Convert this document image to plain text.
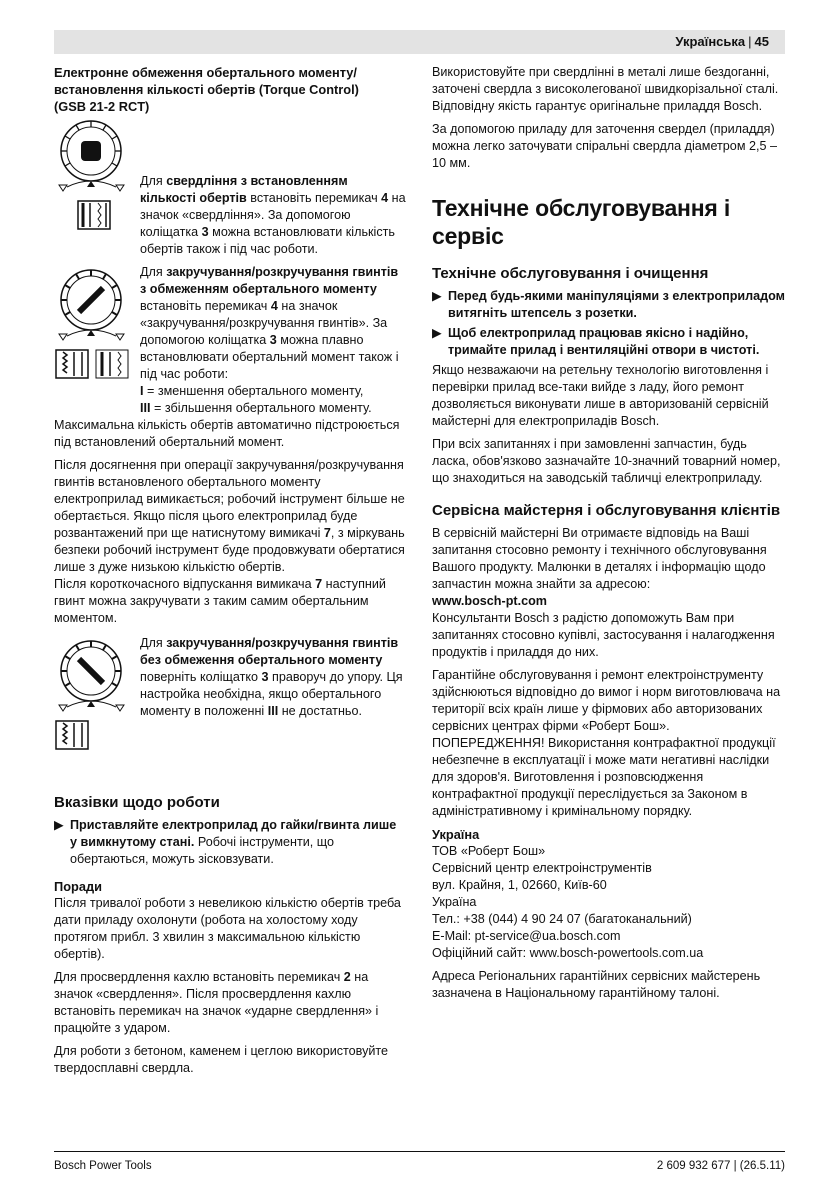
Українська | 45
Електронне обмеження обертального моменту/
встановлення кількості обертів (Torque Control)
(GSB 21-2 RCT)
Для свердління з встановленням кількості обертів встановіть перемикач 4 на значок «свердління». За допомогою коліщатка 3 можна встановлювати кількість обертів також і під час роботи.
Для закручування/розкручування гвинтів з обмеженням обертального моменту встановіть перемикач 4 на значок «закручування/розкручування гвинтів». За допомогою коліщатка 3 можна плавно встановлювати обертальний момент також і під час роботи:
I = зменшення обертального моменту,
III = збільшення обертального моменту.

Максимальна кількість обертів автоматично підстроюється під встановлений обертальний момент.

Після досягнення при операції закручування/розкручування гвинтів встановленого обертального моменту електроприлад вимикається; робочий інструмент більше не обертається. Якщо після цього електроприлад буде розвантажений при ще натиснутому вимикачі 7, з міркувань безпеки робочий інструмент буде продовжувати обертатися лише з дуже низькою кількістю обертів.

Після короткочасного відпускання вимикача 7 наступний гвинт можна закручувати з таким самим обертальним моментом.

Для закручування/розкручування гвинтів без обмеження обертального моменту поверніть коліщатко 3 праворуч до упору. Ця настройка необхідна, якщо обертального моменту в положенні III не достатньо.
Вказівки щодо роботи
▶ Приставляйте електроприлад до гайки/гвинта лише у вимкнутому стані. Робочі інструменти, що обертаються, можуть зісковзувати.
Поради

Після тривалої роботи з невеликою кількістю обертів треба дати приладу охолонути (робота на холостому ходу протягом прибл. 3 хвилин з максимальною кількістю обертів).

Для просвердлення кахлю встановіть перемикач 2 на значок «свердлення». Після просвердлення кахлю встановіть перемикач на значок «ударне свердлення» і працюйте з ударом.

Для роботи з бетоном, каменем і цеглою використовуйте твердосплавні свердла.

Використовуйте при свердлінні в металі лише бездоганні, заточені свердла з високолегованої швидкорізальної сталі. Відповідну якість гарантує оригінальне приладдя Bosch.

За допомогою приладу для заточення свердел (приладдя) можна легко заточувати спіральні свердла діаметром 2,5 – 10 мм.

Технічне обслуговування і сервіс
Технічне обслуговування і очищення
▶ Перед будь-якими маніпуляціями з електроприладом витягніть штепсель з розетки.
▶ Щоб електроприлад працював якісно і надійно, тримайте прилад і вентиляційні отвори в чистоті.

Якщо незважаючи на ретельну технологію виготовлення і перевірки прилад все-таки вийде з ладу, його ремонт дозволяється виконувати лише в авторизованій сервісній майстерні для електроприладів Bosch.

При всіх запитаннях і при замовленні запчастин, будь ласка, обов'язково зазначайте 10-значний товарний номер, що знаходиться на заводській табличці електроприладу.

Сервісна майстерня і обслуговування клієнтів

В сервісній майстерні Ви отримаєте відповідь на Ваші запитання стосовно ремонту і технічного обслуговування Вашого продукту. Малюнки в деталях і інформацію щодо запчастин можна знайти за адресою:
www.bosch-pt.com

Консультанти Bosch з радістю допоможуть Вам при запитаннях стосовно купівлі, застосування і налагодження продуктів і приладдя до них.

Гарантійне обслуговування і ремонт електроінструменту здійснюються відповідно до вимог і норм виготовлювача на території всіх країн лише у фірмових або авторизованих сервісних центрах фірми «Роберт Бош».
ПОПЕРЕДЖЕННЯ! Використання контрафактної продукції небезпечне в експлуатації і може мати негативні наслідки для здоров'я. Виготовлення і розповсюдження контрафактної продукції переслідується за Законом в адміністративному і кримінальному порядку.

Україна
ТОВ «Роберт Бош»
Сервісний центр електроінструментів
вул. Крайня, 1, 02660, Київ-60
Україна
Тел.: +38 (044) 4 90 24 07 (багатоканальний)
E-Mail: pt-service@ua.bosch.com
Офіційний сайт: www.bosch-powertools.com.ua

Адреса Регіональних гарантійних сервісних майстерень зазначена в Національному гарантійному талоні.

Bosch Power Tools	2 609 932 677 | (26.5.11)
